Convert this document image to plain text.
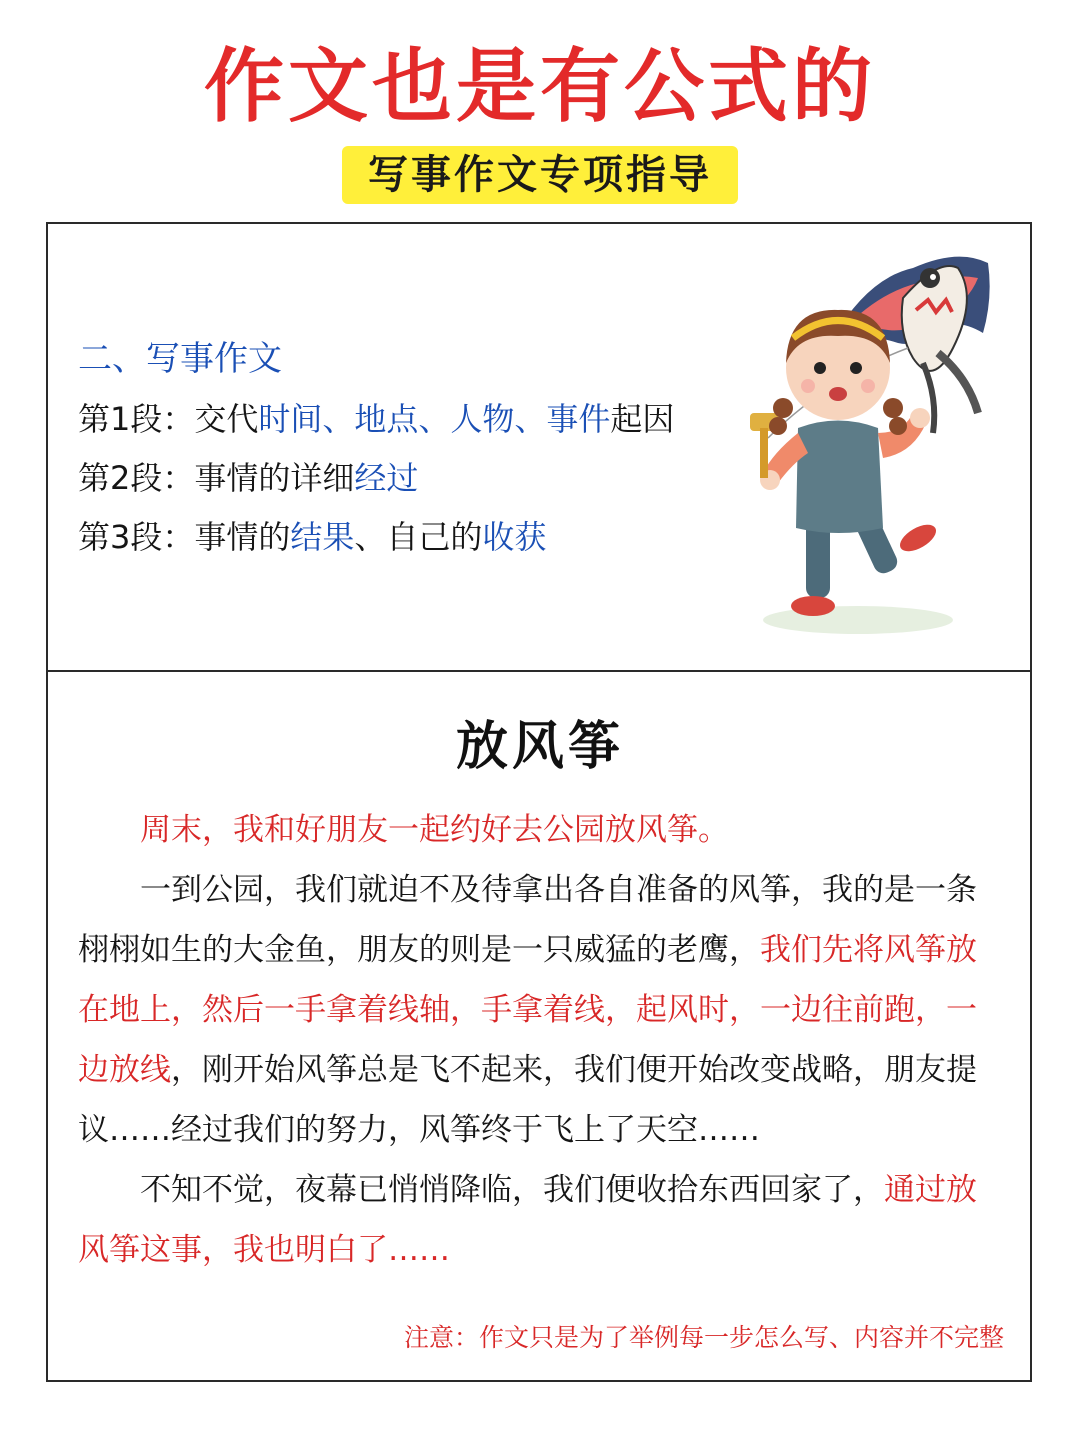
作文也是有公式的
写事作文专项指导
二、写事作文
第1段：交代时间、地点、人物、事件起因
第2段：事情的详细经过
第3段：事情的结果、自己的收获
放风筝

周末，我和好朋友一起约好去公园放风筝。

一到公园，我们就迫不及待拿出各自准备的风筝，我的是一条栩栩如生的大金鱼，朋友的则是一只威猛的老鹰，我们先将风筝放在地上，然后一手拿着线轴，手拿着线，起风时，一边往前跑，一边放线，刚开始风筝总是飞不起来，我们便开始改变战略，朋友提议……经过我们的努力，风筝终于飞上了天空……

不知不觉，夜幕已悄悄降临，我们便收拾东西回家了，通过放风筝这事，我也明白了……

注意：作文只是为了举例每一步怎么写、内容并不完整
